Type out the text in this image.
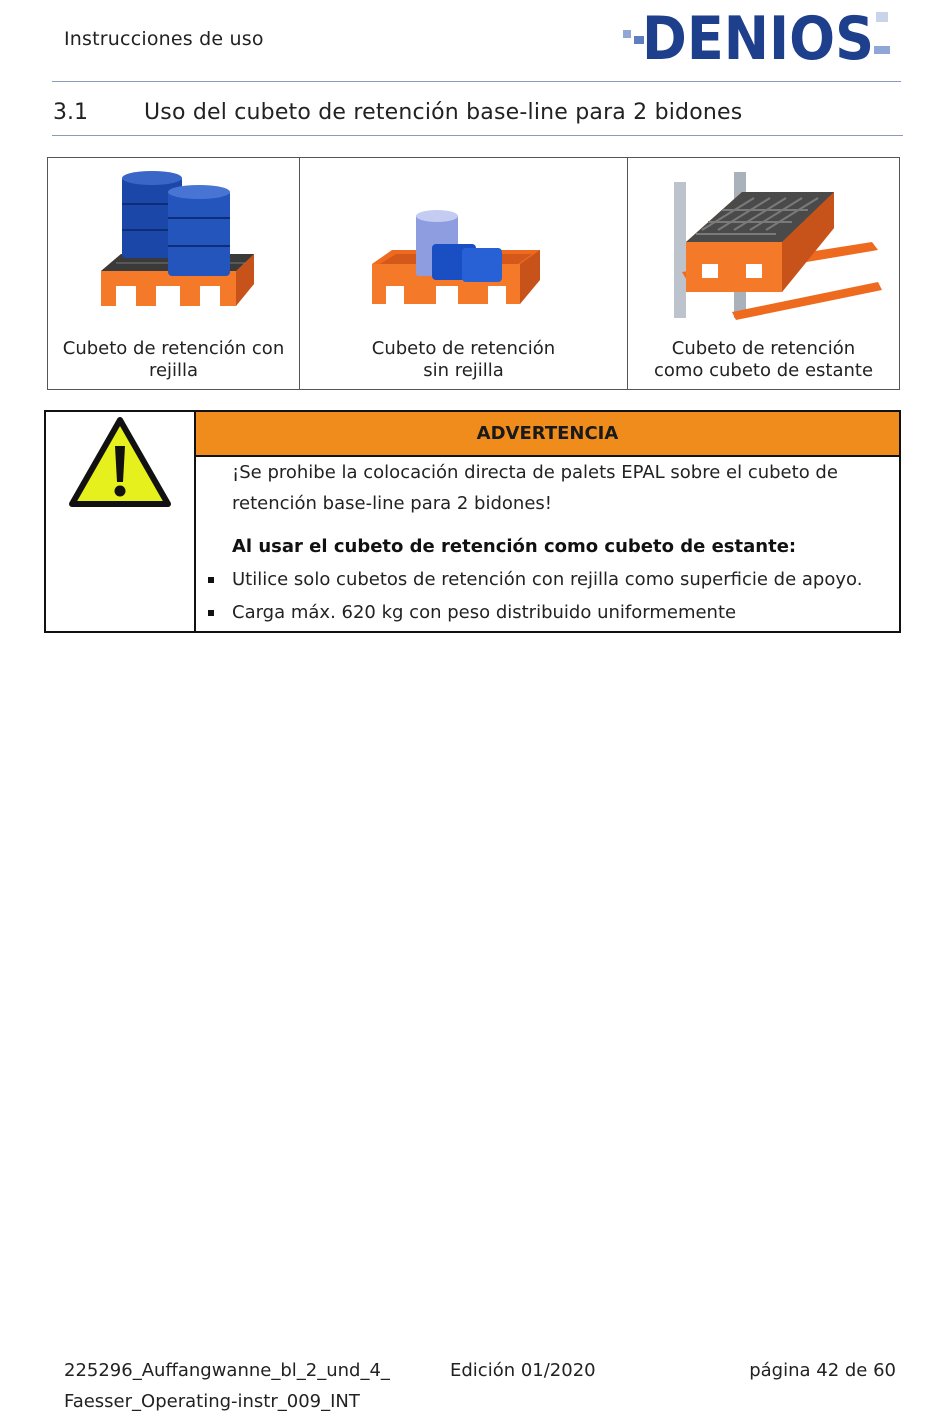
Instrucciones de uso	DENIOS
3.1	Uso del cubeto de retención base-line para 2 bidones
Cubeto de retención con
rejilla
Cubeto de retención
sin rejilla
Cubeto de retención
como cubeto de estante
ADVERTENCIA
¡Se prohibe la colocación directa de palets EPAL sobre el cubeto de
retención base-line para 2 bidones!
Al usar el cubeto de retención como cubeto de estante:
Utilice solo cubetos de retención con rejilla como superficie de apoyo.
Carga máx. 620 kg con peso distribuido uniformemente
225296_Auffangwanne_bl_2_und_4_
Faesser_Operating-instr_009_INT
Edición 01/2020	página 42 de 60
